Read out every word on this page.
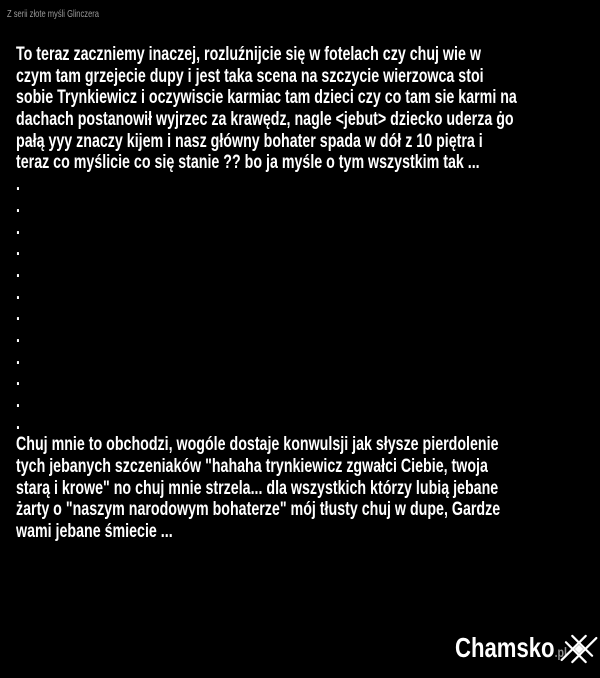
Z serii złote myśli Glinczera
To teraz zaczniemy inaczej, rozluźnijcie się w fotelach czy chuj wie w
czym tam grzejecie dupy i jest taka scena na szczycie wierzowca stoi
sobie Trynkiewicz i oczywiscie karmiac tam dzieci czy co tam sie karmi na
dachach postanowił wyjrzec za krawędz, nagle <jebut> dziecko uderza ġo
pałą yyy znaczy kijem i nasz główny bohater spada w dół z 10 piętra i
teraz co myślicie co się stanie ?? bo ja myśle o tym wszystkim tak ...
.
.
.
.
.
.
.
.
.
.
.
.
Chuj mnie to obchodzi, wogóle dostaje konwulsji jak słysze pierdolenie
tych jebanych szczeniaków "hahaha trynkiewicz zgwałci Ciebie, twoja
starą i krowe" no chuj mnie strzela... dla wszystkich którzy lubią jebane
żarty o "naszym narodowym bohaterze" mój tłusty chuj w dupe, Gardze
wami jebane śmiecie ...
Chamsko.pl
